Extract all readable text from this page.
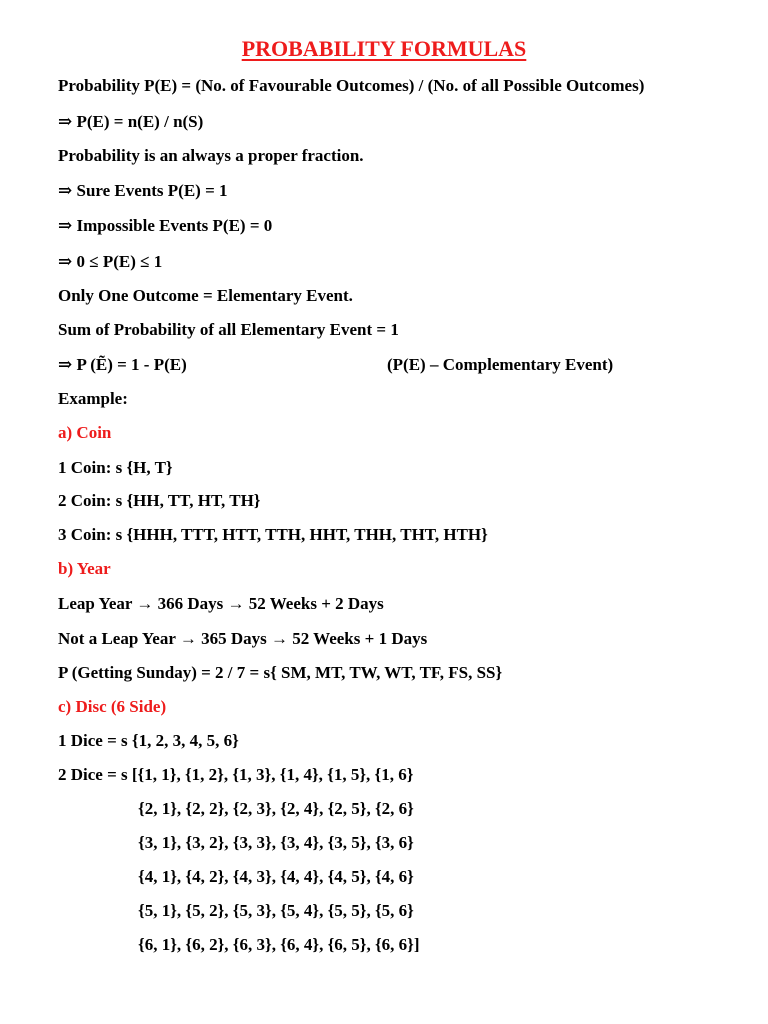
PROBABILITY FORMULAS
Probability P(E) = (No. of Favourable Outcomes) / (No. of all Possible Outcomes)
⇒ P(E) = n(E) / n(S)
Probability is an always a proper fraction.
⇒ Sure Events P(E) = 1
⇒ Impossible Events P(E) = 0
⇒ 0 ≤ P(E) ≤ 1
Only One Outcome = Elementary Event.
Sum of Probability of all Elementary Event = 1
⇒ P (Ẽ) = 1 - P(E)	(P(E) – Complementary Event)
Example:
a) Coin
1 Coin: s {H, T}
2 Coin: s {HH, TT, HT, TH}
3 Coin: s {HHH, TTT, HTT, TTH, HHT, THH, THT, HTH}
b) Year
Leap Year → 366 Days → 52 Weeks + 2 Days
Not a Leap Year → 365 Days → 52 Weeks + 1 Days
P (Getting Sunday) = 2 / 7 = s{ SM, MT, TW, WT, TF, FS, SS}
c) Disc (6 Side)
1 Dice = s {1, 2, 3, 4, 5, 6}
2 Dice = s [{1, 1}, {1, 2}, {1, 3}, {1, 4}, {1, 5}, {1, 6}
{2, 1}, {2, 2}, {2, 3}, {2, 4}, {2, 5}, {2, 6}
{3, 1}, {3, 2}, {3, 3}, {3, 4}, {3, 5}, {3, 6}
{4, 1}, {4, 2}, {4, 3}, {4, 4}, {4, 5}, {4, 6}
{5, 1}, {5, 2}, {5, 3}, {5, 4}, {5, 5}, {5, 6}
{6, 1}, {6, 2}, {6, 3}, {6, 4}, {6, 5}, {6, 6}]
